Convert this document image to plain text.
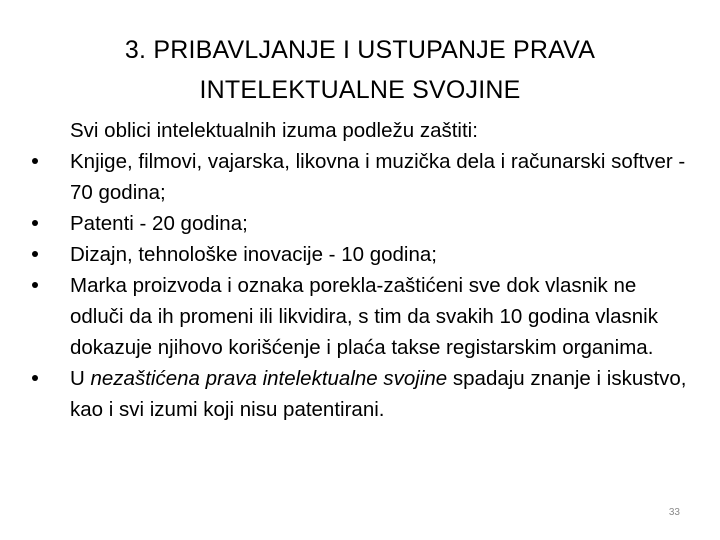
3. PRIBAVLJANJE I USTUPANJE PRAVA
INTELEKTUALNE SVOJINE

Svi oblici intelektualnih izuma podležu zaštiti:

Knjige, filmovi, vajarska, likovna i muzička dela i računarski softver - 70 godina;
Patenti - 20 godina;
Dizajn, tehnološke inovacije - 10 godina;
Marka proizvoda i oznaka porekla-zaštićeni sve dok vlasnik ne odluči da ih promeni ili likvidira, s tim da svakih 10 godina vlasnik dokazuje njihovo korišćenje i plaća takse registarskim organima.
U nezaštićena prava intelektualne svojine spadaju znanje i iskustvo, kao i svi izumi koji nisu patentirani.
33
